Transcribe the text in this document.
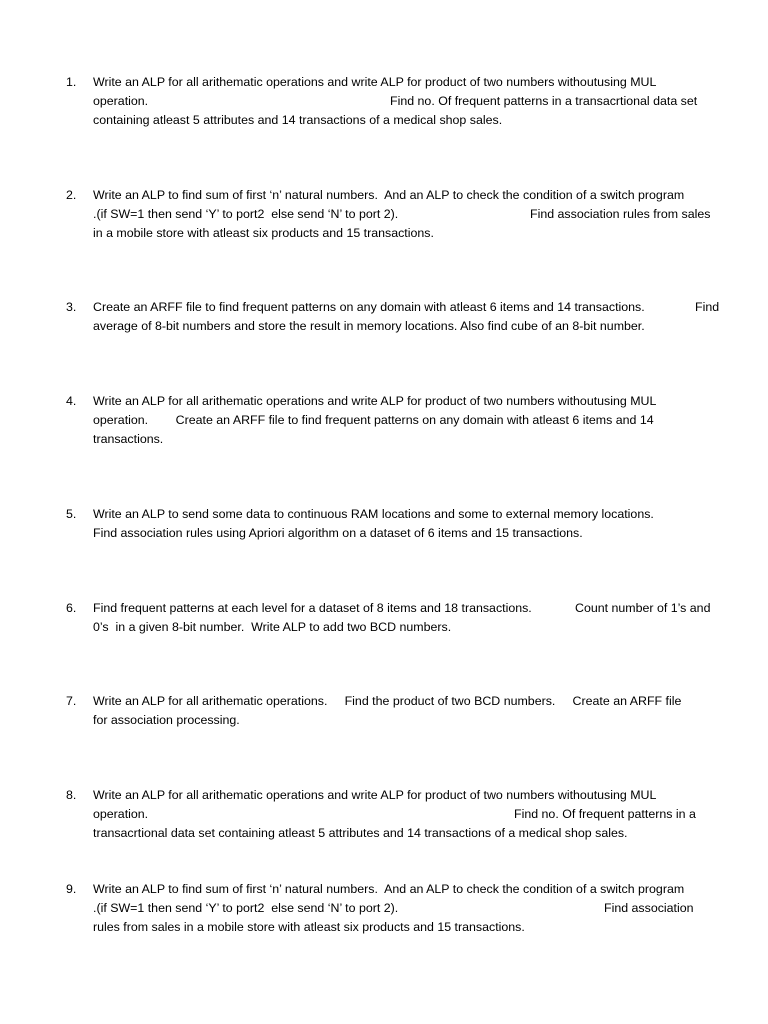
1.	Write an ALP for all arithematic operations and write ALP for product of two numbers withoutusing MUL
operation.	Find no. Of frequent patterns in a transacrtional data set
containing atleast 5 attributes and 14 transactions of a medical shop sales.
2.	Write an ALP to find sum of first ‘n’ natural numbers.  And an ALP to check the condition of a switch program
.(if SW=1 then send ‘Y’ to port2  else send ‘N’ to port 2).	Find association rules from sales
in a mobile store with atleast six products and 15 transactions.
3.	Create an ARFF file to find frequent patterns on any domain with atleast 6 items and 14 transactions.	Find
average of 8-bit numbers and store the result in memory locations. Also find cube of an 8-bit number.
4.	Write an ALP for all arithematic operations and write ALP for product of two numbers withoutusing MUL
operation.        Create an ARFF file to find frequent patterns on any domain with atleast 6 items and 14
transactions.
5.	Write an ALP to send some data to continuous RAM locations and some to external memory locations.
Find association rules using Apriori algorithm on a dataset of 6 items and 15 transactions.
6.	Find frequent patterns at each level for a dataset of 8 items and 18 transactions.	Count number of 1’s and
0’s  in a given 8-bit number.  Write ALP to add two BCD numbers.
7.	Write an ALP for all arithematic operations.     Find the product of two BCD numbers.     Create an ARFF file
for association processing.
8.	Write an ALP for all arithematic operations and write ALP for product of two numbers withoutusing MUL
operation.	Find no. Of frequent patterns in a
transacrtional data set containing atleast 5 attributes and 14 transactions of a medical shop sales.
9.	Write an ALP to find sum of first ‘n’ natural numbers.  And an ALP to check the condition of a switch program
.(if SW=1 then send ‘Y’ to port2  else send ‘N’ to port 2).	Find association
rules from sales in a mobile store with atleast six products and 15 transactions.
